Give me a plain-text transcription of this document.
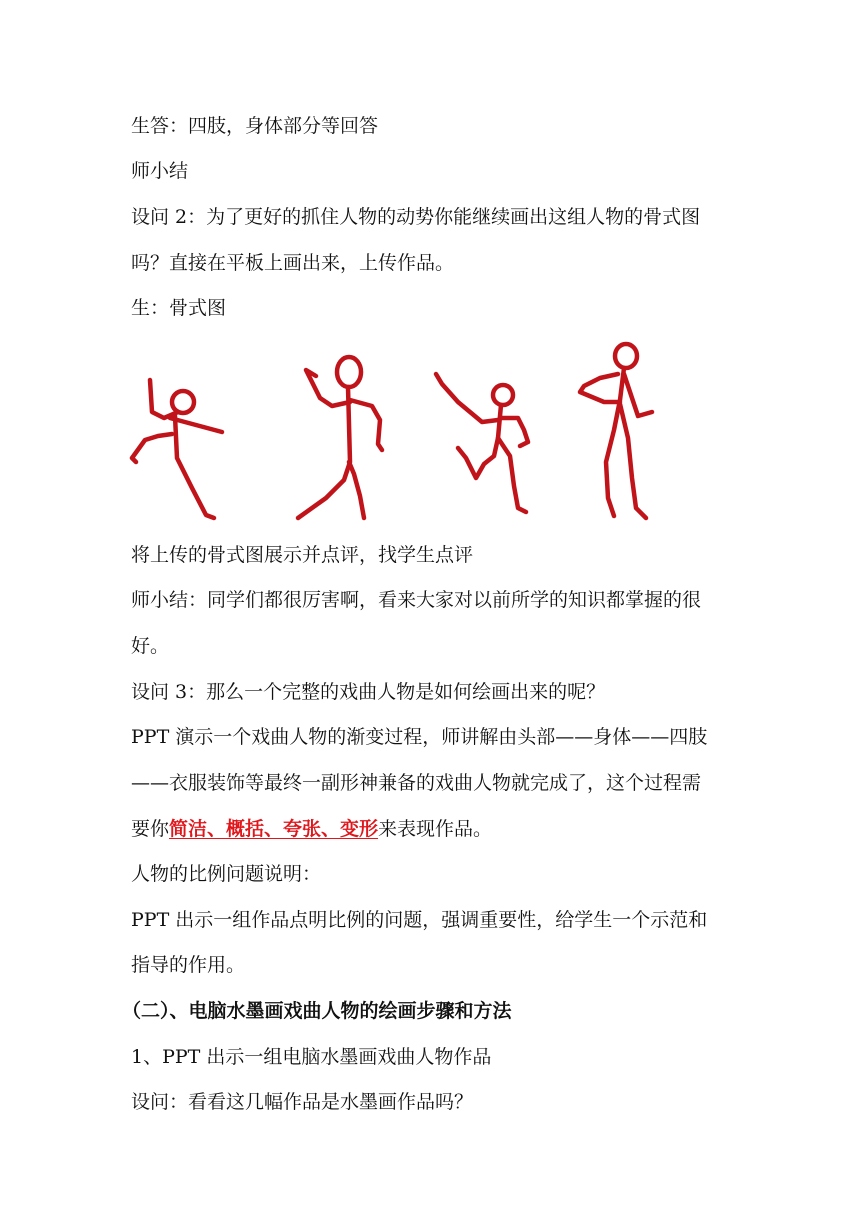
生答：四肢，身体部分等回答
师小结
设问 2：为了更好的抓住人物的动势你能继续画出这组人物的骨式图
吗？直接在平板上画出来，上传作品。
生：骨式图
将上传的骨式图展示并点评，找学生点评
师小结：同学们都很厉害啊，看来大家对以前所学的知识都掌握的很
好。
设问 3：那么一个完整的戏曲人物是如何绘画出来的呢？
PPT 演示一个戏曲人物的渐变过程，师讲解由头部——身体——四肢
——衣服装饰等最终一副形神兼备的戏曲人物就完成了，这个过程需
要你简洁、概括、夸张、变形来表现作品。
人物的比例问题说明：
PPT 出示一组作品点明比例的问题，强调重要性，给学生一个示范和
指导的作用。
（二）、电脑水墨画戏曲人物的绘画步骤和方法
1、PPT 出示一组电脑水墨画戏曲人物作品
设问：看看这几幅作品是水墨画作品吗？
